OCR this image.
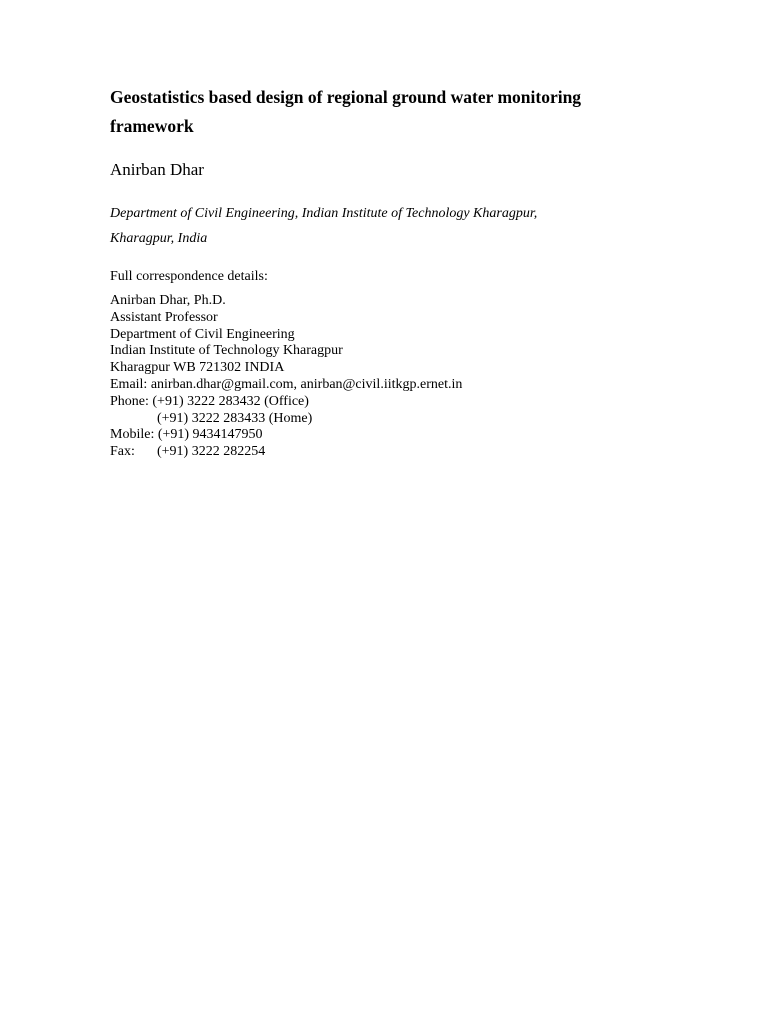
Geostatistics based design of regional ground water monitoring
framework

Anirban Dhar

Department of Civil Engineering, Indian Institute of Technology Kharagpur,
Kharagpur, India

Full correspondence details:

Anirban Dhar, Ph.D.
Assistant Professor
Department of Civil Engineering
Indian Institute of Technology Kharagpur
Kharagpur WB 721302 INDIA
Email: anirban.dhar@gmail.com, anirban@civil.iitkgp.ernet.in
Phone: (+91) 3222 283432 (Office)
(+91) 3222 283433 (Home)
Mobile: (+91) 9434147950
Fax: (+91) 3222 282254
